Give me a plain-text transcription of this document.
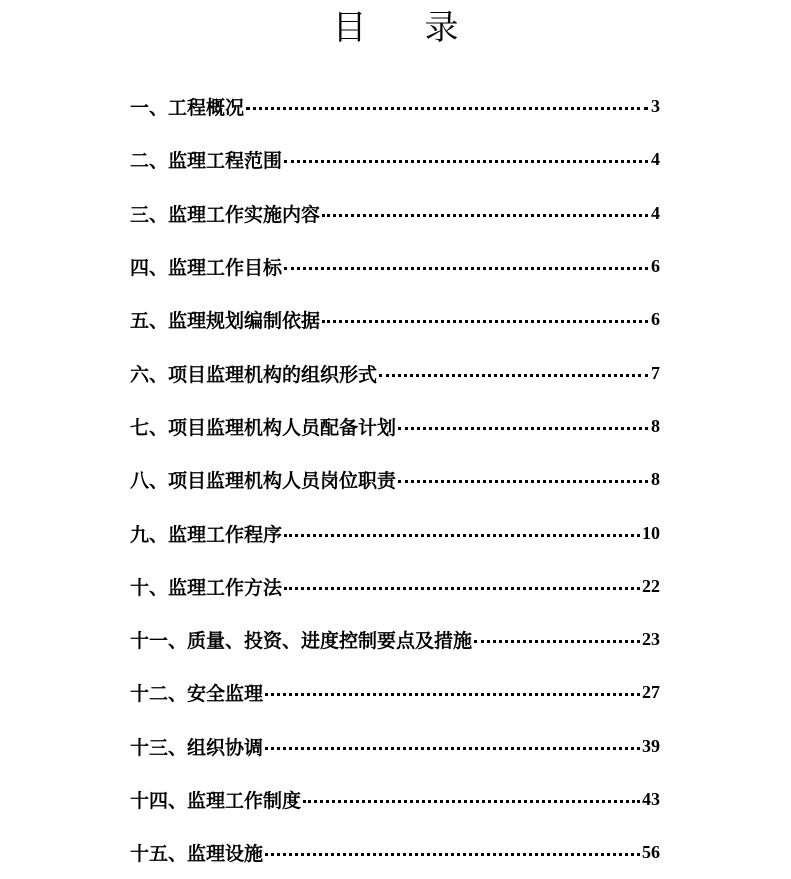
目 录
一、工程概况	3
二、监理工程范围	4
三、监理工作实施内容	4
四、监理工作目标	6
五、监理规划编制依据	6
六、项目监理机构的组织形式	7
七、项目监理机构人员配备计划	8
八、项目监理机构人员岗位职责	8
九、监理工作程序	10
十、监理工作方法	22
十一、质量、投资、进度控制要点及措施	23
十二、安全监理	27
十三、组织协调	39
十四、监理工作制度	43
十五、监理设施	56
